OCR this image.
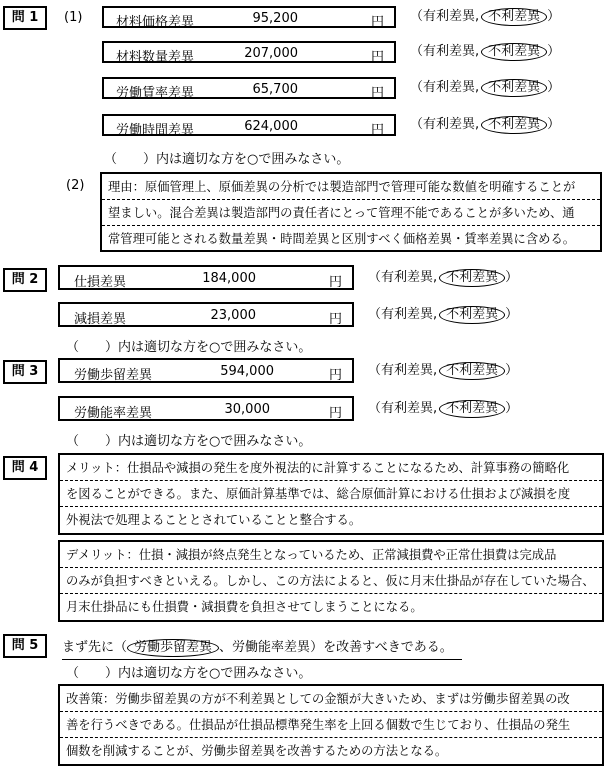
問 1	(1)	材料価格差異	95,200	円 （有利差異, 不利差異 ）
材料数量差異	207,000	円 （有利差異, 不利差異 ）
労働賃率差異	65,700	円 （有利差異, 不利差異 ）
労働時間差異	624,000	円 （有利差異, 不利差異 ）
（　　）内は適切な方を○で囲みなさい。
(2)	理由：原価管理上、原価差異の分析では製造部門で管理可能な数値を明確することが
望ましい。混合差異は製造部門の責任者にとって管理不能であることが多いため、通
常管理可能とされる数量差異・時間差異と区別すべく価格差異・賃率差異に含める。
問 2	仕損差異	184,000	円 （有利差異, 不利差異 ）
減損差異	23,000	円 （有利差異, 不利差異 ）
（　　）内は適切な方を○で囲みなさい。
問 3	労働歩留差異	594,000	円 （有利差異, 不利差異 ）
労働能率差異	30,000	円 （有利差異, 不利差異 ）
（　　）内は適切な方を○で囲みなさい。
問 4	メリット：仕損品や減損の発生を度外視法的に計算することになるため、計算事務の簡略化
を図ることができる。また、原価計算基準では、総合原価計算における仕損および減損を度
外視法で処理よることとされていることと整合する。
デメリット：仕損・減損が終点発生となっているため、正常減損費や正常仕損費は完成品
のみが負担すべきといえる。しかし、この方法によると、仮に月末仕掛品が存在していた場合、
月末仕掛品にも仕損費・減損費を負担させてしまうことになる。
問 5	まず先に（ 労働歩留差異 、労働能率差異）を改善すべきである。
（　　）内は適切な方を○で囲みなさい。
改善策：労働歩留差異の方が不利差異としての金額が大きいため、まずは労働歩留差異の改
善を行うべきである。仕損品が仕損品標準発生率を上回る個数で生じており、仕損品の発生
個数を削減することが、労働歩留差異を改善するための方法となる。
